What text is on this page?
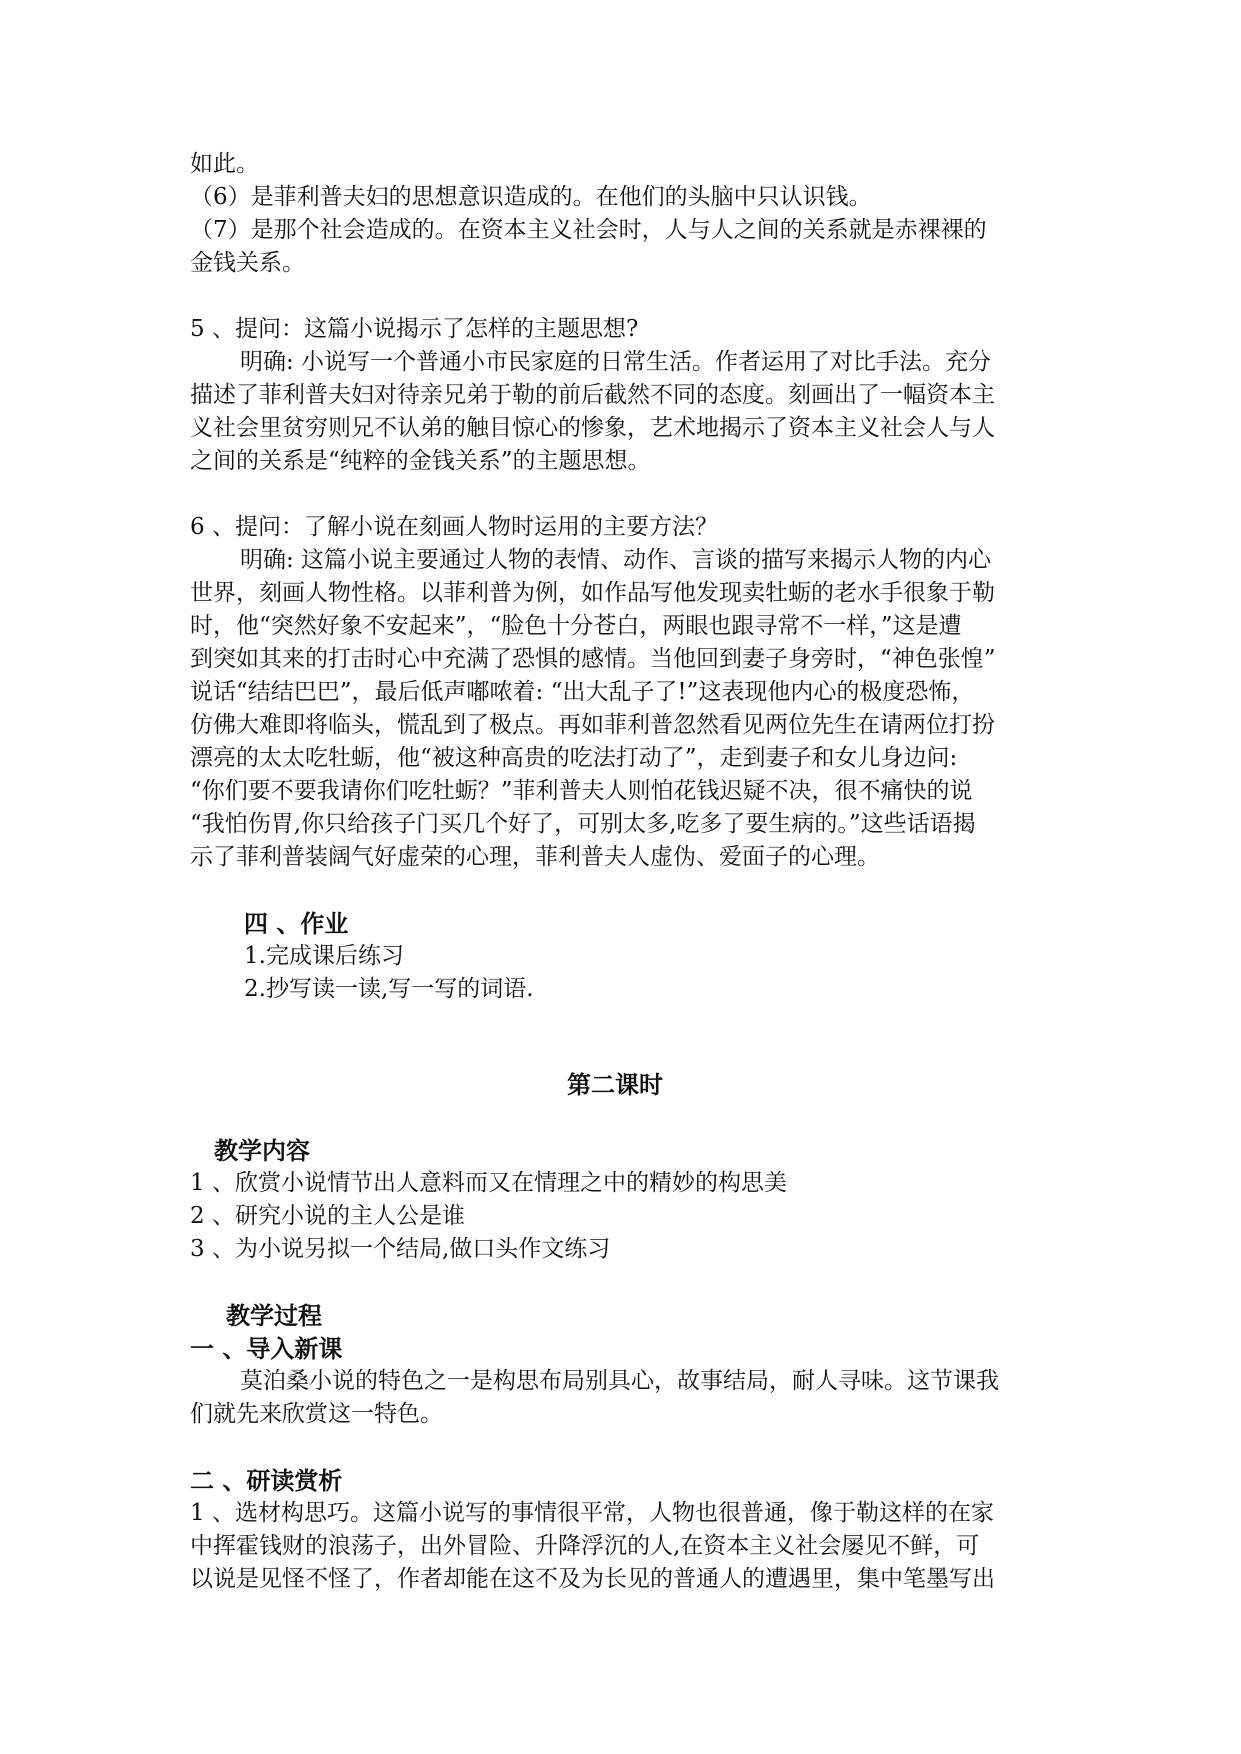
如此。
（6）是菲利普夫妇的思想意识造成的。在他们的头脑中只认识钱。
（7）是那个社会造成的。在资本主义社会时，人与人之间的关系就是赤裸裸的
金钱关系。
5 、提问：这篇小说揭示了怎样的主题思想?
明确: 小说写一个普通小市民家庭的日常生活。作者运用了对比手法。充分
描述了菲利普夫妇对待亲兄弟于勒的前后截然不同的态度。刻画出了一幅资本主
义社会里贫穷则兄不认弟的触目惊心的惨象，艺术地揭示了资本主义社会人与人
之间的关系是“纯粹的金钱关系”的主题思想。
6 、提问：了解小说在刻画人物时运用的主要方法？
明确: 这篇小说主要通过人物的表情、动作、言谈的描写来揭示人物的内心
世界，刻画人物性格。以菲利普为例，如作品写他发现卖牡蛎的老水手很象于勒
时，他“突然好象不安起来”，“脸色十分苍白，两眼也跟寻常不一样，”这是遭
到突如其来的打击时心中充满了恐惧的感情。当他回到妻子身旁时，“神色张惶”
说话“结结巴巴”，最后低声嘟哝着: “出大乱子了!”这表现他内心的极度恐怖，
仿佛大难即将临头，慌乱到了极点。再如菲利普忽然看见两位先生在请两位打扮
漂亮的太太吃牡蛎，他“被这种高贵的吃法打动了”，走到妻子和女儿身边问:
“你们要不要我请你们吃牡蛎？”菲利普夫人则怕花钱迟疑不决，很不痛快的说
“我怕伤胃,你只给孩子门买几个好了，可别太多,吃多了要生病的。”这些话语揭
示了菲利普装阔气好虚荣的心理，菲利普夫人虚伪、爱面子的心理。
四 、作业
1.完成课后练习
2.抄写读一读,写一写的词语.
第二课时
教学内容
1 、欣赏小说情节出人意料而又在情理之中的精妙的构思美
2 、研究小说的主人公是谁
3 、为小说另拟一个结局,做口头作文练习
教学过程
一 、导入新课
莫泊桑小说的特色之一是构思布局别具心，故事结局，耐人寻味。这节课我
们就先来欣赏这一特色。
二 、研读赏析
1 、选材构思巧。这篇小说写的事情很平常，人物也很普通，像于勒这样的在家
中挥霍钱财的浪荡子，出外冒险、升降浮沉的人,在资本主义社会屡见不鲜，可
以说是见怪不怪了，作者却能在这不及为长见的普通人的遭遇里，集中笔墨写出
